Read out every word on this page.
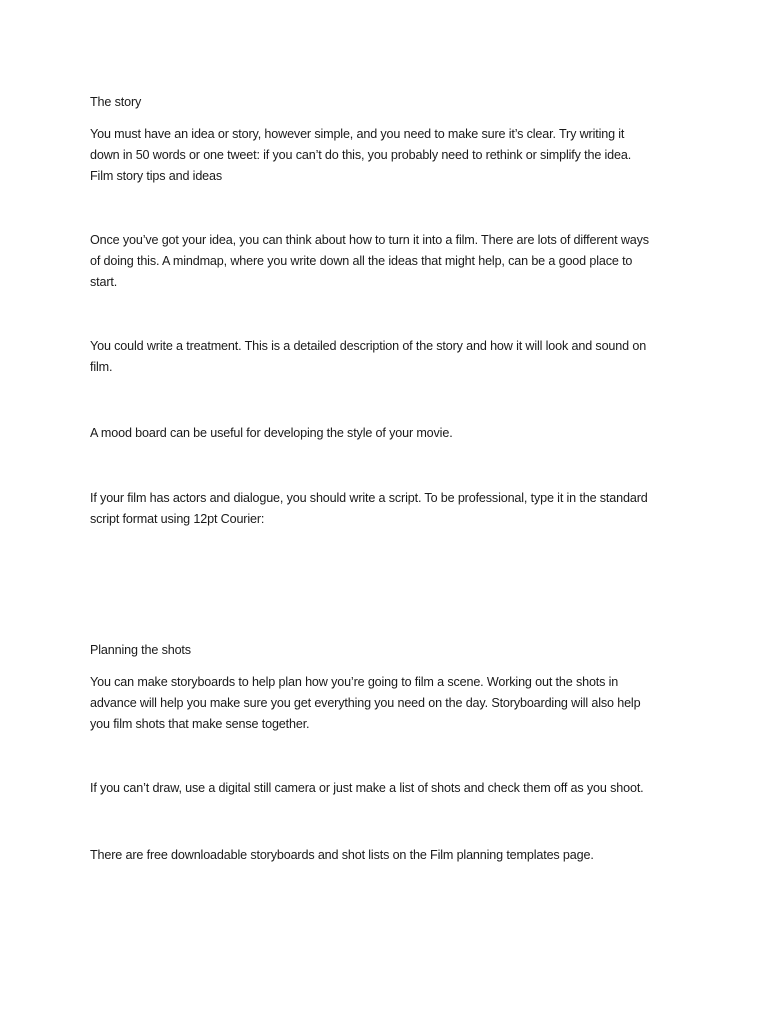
The story
You must have an idea or story, however simple, and you need to make sure it’s clear. Try writing it
down in 50 words or one tweet: if you can’t do this, you probably need to rethink or simplify the idea.
Film story tips and ideas
Once you’ve got your idea, you can think about how to turn it into a film. There are lots of different ways
of doing this. A mindmap, where you write down all the ideas that might help, can be a good place to
start.
You could write a treatment. This is a detailed description of the story and how it will look and sound on
film.
A mood board can be useful for developing the style of your movie.
If your film has actors and dialogue, you should write a script. To be professional, type it in the standard
script format using 12pt Courier:
Planning the shots
You can make storyboards to help plan how you’re going to film a scene. Working out the shots in
advance will help you make sure you get everything you need on the day. Storyboarding will also help
you film shots that make sense together.
If you can’t draw, use a digital still camera or just make a list of shots and check them off as you shoot.
There are free downloadable storyboards and shot lists on the Film planning templates page.
